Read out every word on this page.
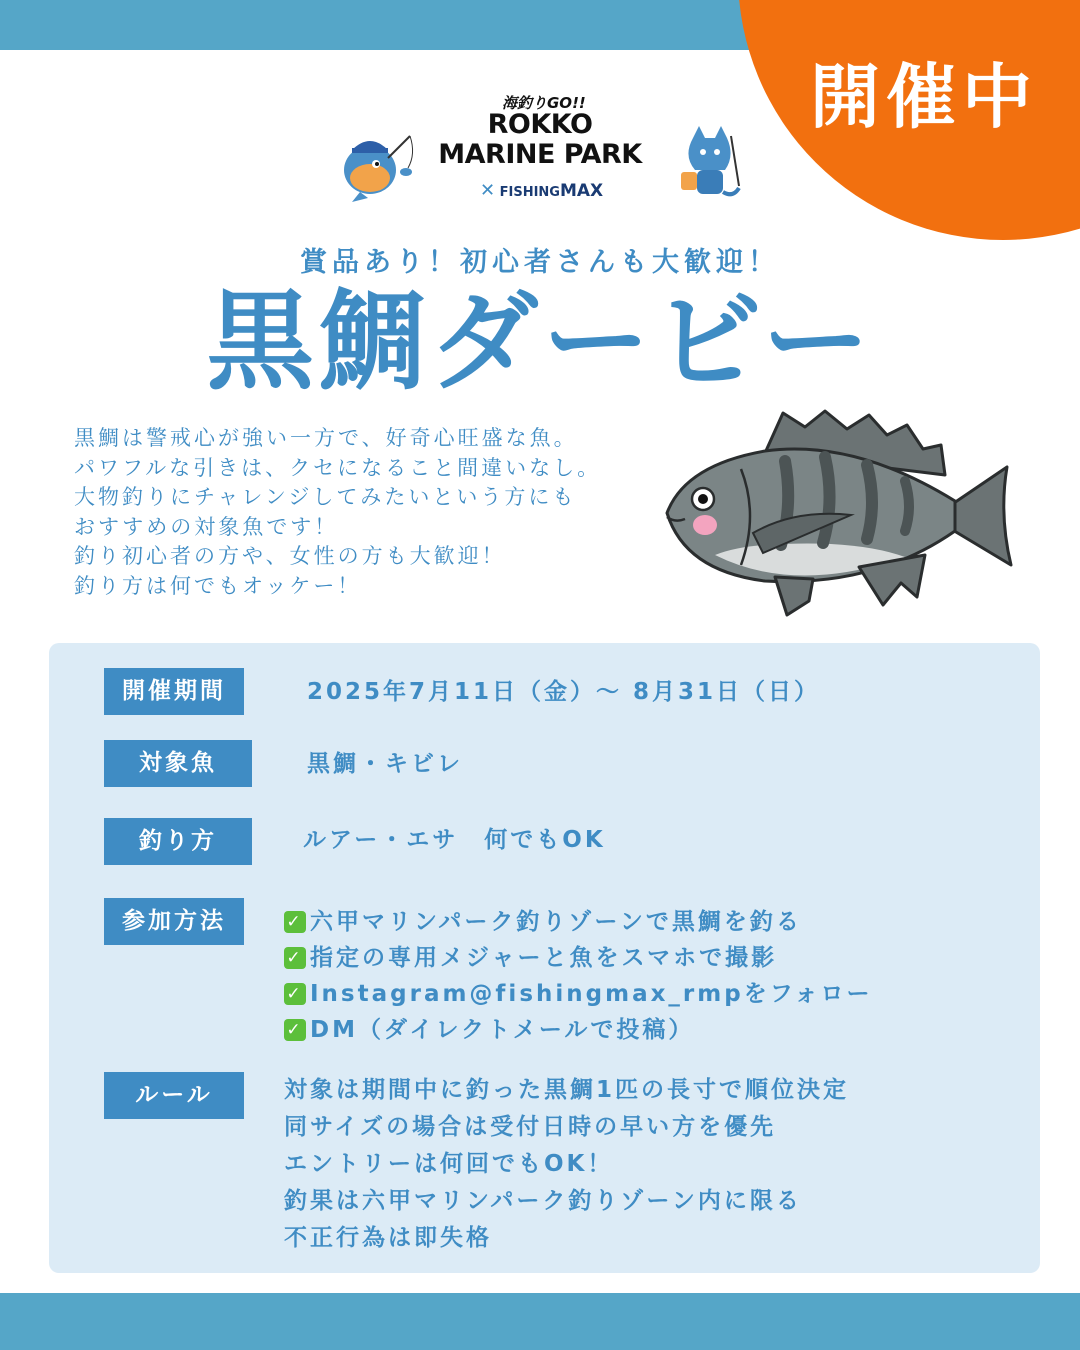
開催中
海釣りGO!!
ROKKO
MARINE PARK
✕ FISHINGMAX
賞品あり！初心者さんも大歓迎！
黒鯛ダービー
黒鯛は警戒心が強い一方で、好奇心旺盛な魚。
パワフルな引きは、クセになること間違いなし。
大物釣りにチャレンジしてみたいという方にも
おすすめの対象魚です！
釣り初心者の方や、女性の方も大歓迎！
釣り方は何でもオッケー！
開催期間	2025年7月11日（金）〜 8月31日（日）
対象魚	黒鯛・キビレ
釣り方	ルアー・エサ　何でもOK
参加方法	✓ 六甲マリンパーク釣りゾーンで黒鯛を釣る
✓ 指定の専用メジャーと魚をスマホで撮影
✓ Instagram@fishingmax_rmpをフォロー
✓ DM（ダイレクトメールで投稿）
ルール	対象は期間中に釣った黒鯛1匹の長寸で順位決定
同サイズの場合は受付日時の早い方を優先
エントリーは何回でもOK！
釣果は六甲マリンパーク釣りゾーン内に限る
不正行為は即失格
